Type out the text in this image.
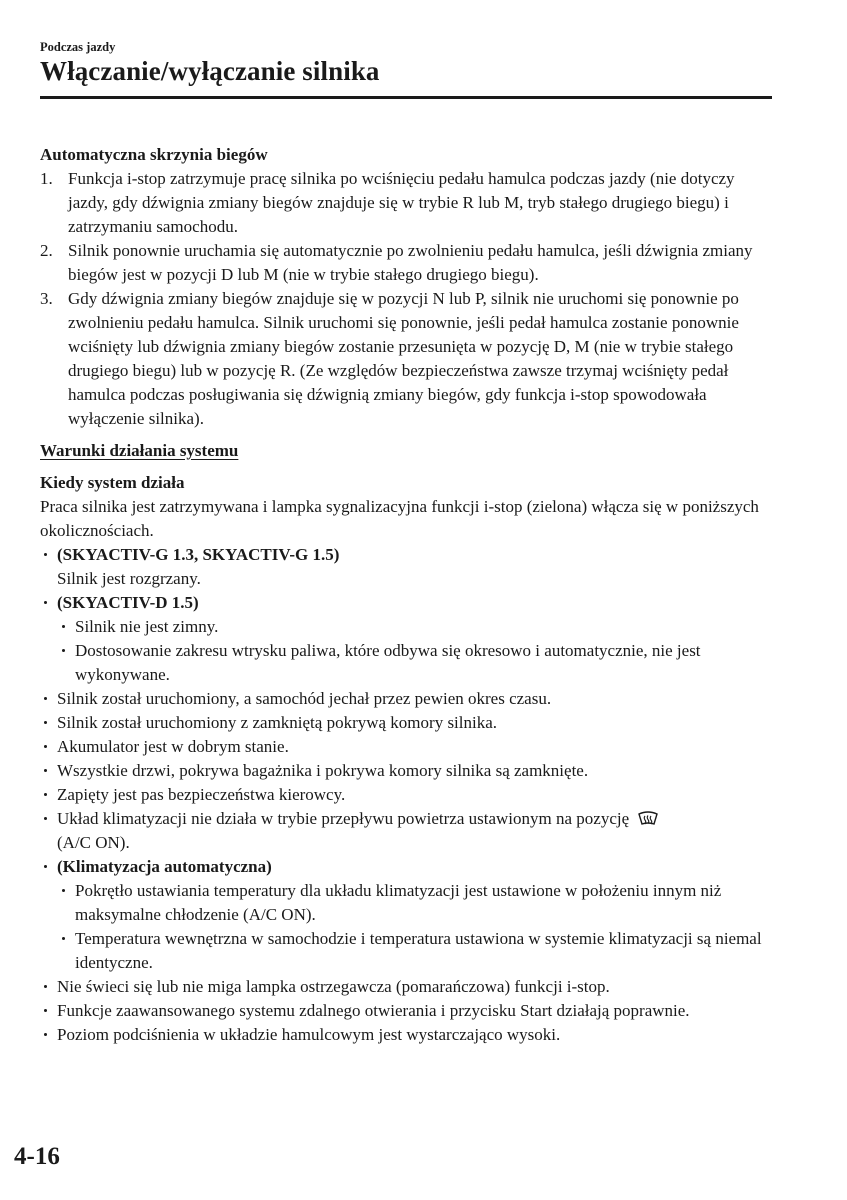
Podczas jazdy
Włączanie/wyłączanie silnika

Automatyczna skrzynia biegów

1. Funkcja i-stop zatrzymuje pracę silnika po wciśnięciu pedału hamulca podczas jazdy (nie dotyczy jazdy, gdy dźwignia zmiany biegów znajduje się w trybie R lub M, tryb stałego drugiego biegu) i zatrzymaniu samochodu.
2. Silnik ponownie uruchamia się automatycznie po zwolnieniu pedału hamulca, jeśli dźwignia zmiany biegów jest w pozycji D lub M (nie w trybie stałego drugiego biegu).
3. Gdy dźwignia zmiany biegów znajduje się w pozycji N lub P, silnik nie uruchomi się ponownie po zwolnieniu pedału hamulca. Silnik uruchomi się ponownie, jeśli pedał hamulca zostanie ponownie wciśnięty lub dźwignia zmiany biegów zostanie przesunięta w pozycję D, M (nie w trybie stałego drugiego biegu) lub w pozycję R. (Ze względów bezpieczeństwa zawsze trzymaj wciśnięty pedał hamulca podczas posługiwania się dźwignią zmiany biegów, gdy funkcja i-stop spowodowała wyłączenie silnika).

Warunki działania systemu

Kiedy system działa

Praca silnika jest zatrzymywana i lampka sygnalizacyjna funkcji i-stop (zielona) włącza się w poniższych okolicznościach.

(SKYACTIV-G 1.3, SKYACTIV-G 1.5)
Silnik jest rozgrzany.
(SKYACTIV-D 1.5)
Silnik nie jest zimny.
Dostosowanie zakresu wtrysku paliwa, które odbywa się okresowo i automatycznie, nie jest wykonywane.
Silnik został uruchomiony, a samochód jechał przez pewien okres czasu.
Silnik został uruchomiony z zamkniętą pokrywą komory silnika.
Akumulator jest w dobrym stanie.
Wszystkie drzwi, pokrywa bagażnika i pokrywa komory silnika są zamknięte.
Zapięty jest pas bezpieczeństwa kierowcy.
Układ klimatyzacji nie działa w trybie przepływu powietrza ustawionym na pozycję
(A/C ON).
(Klimatyzacja automatyczna)
Pokrętło ustawiania temperatury dla układu klimatyzacji jest ustawione w położeniu innym niż maksymalne chłodzenie (A/C ON).
Temperatura wewnętrzna w samochodzie i temperatura ustawiona w systemie klimatyzacji są niemal identyczne.
Nie świeci się lub nie miga lampka ostrzegawcza (pomarańczowa) funkcji i-stop.
Funkcje zaawansowanego systemu zdalnego otwierania i przycisku Start działają poprawnie.
Poziom podciśnienia w układzie hamulcowym jest wystarczająco wysoki.
4-16
